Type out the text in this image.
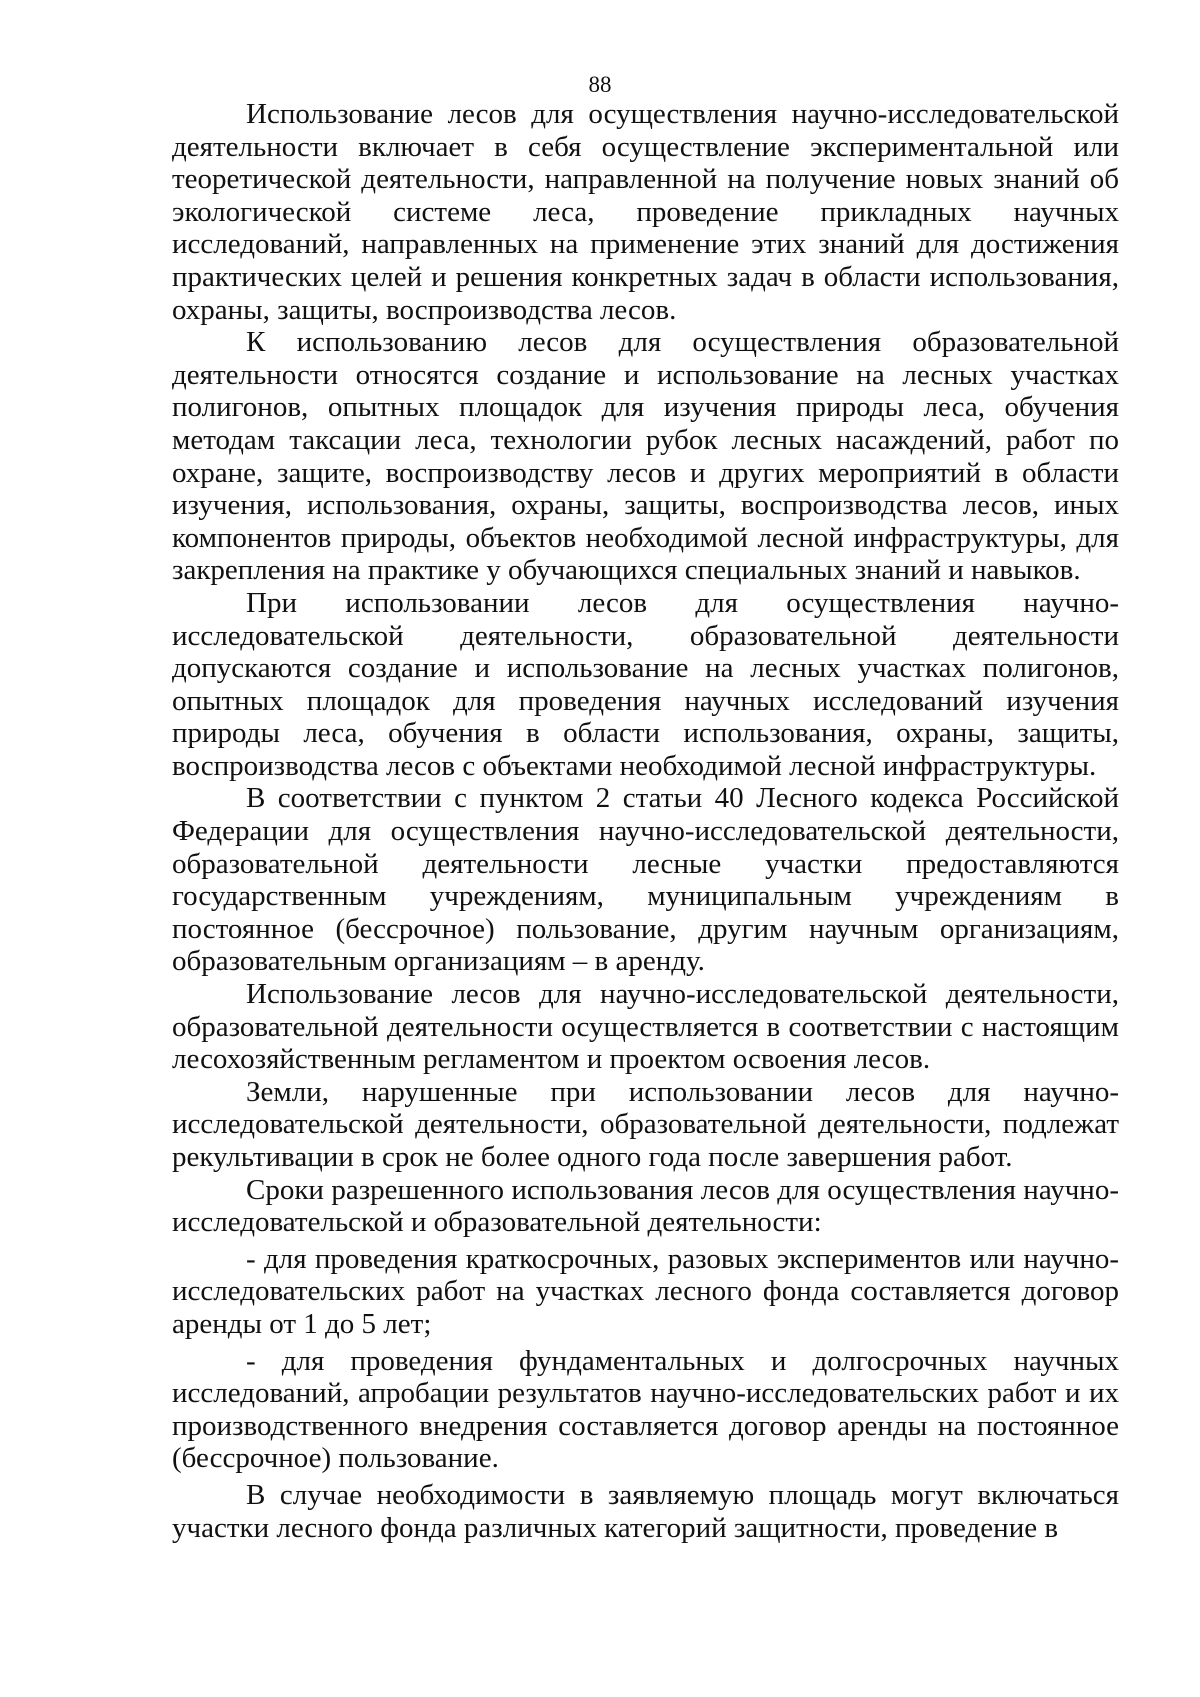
88

Использование лесов для осуществления научно-исследовательской деятельности включает в себя осуществление экспериментальной или теоретической деятельности, направленной на получение новых знаний об экологической системе леса, проведение прикладных научных исследований, направленных на применение этих знаний для достижения практических целей и решения конкретных задач в области использования, охраны, защиты, воспроизводства лесов.

К использованию лесов для осуществления образовательной деятельности относятся создание и использование на лесных участках полигонов, опытных площадок для изучения природы леса, обучения методам таксации леса, технологии рубок лесных насаждений, работ по охране, защите, воспроизводству лесов и других мероприятий в области изучения, использования, охраны, защиты, воспроизводства лесов, иных компонентов природы, объектов необходимой лесной инфраструктуры, для закрепления на практике у обучающихся специальных знаний и навыков.

При использовании лесов для осуществления научно-исследовательской деятельности, образовательной деятельности допускаются создание и использование на лесных участках полигонов, опытных площадок для проведения научных исследований изучения природы леса, обучения в области использования, охраны, защиты, воспроизводства лесов с объектами необходимой лесной инфраструктуры.

В соответствии с пунктом 2 статьи 40 Лесного кодекса Российской Федерации для осуществления научно-исследовательской деятельности, образовательной деятельности лесные участки предоставляются государственным учреждениям, муниципальным учреждениям в постоянное (бессрочное) пользование, другим научным организациям, образовательным организациям – в аренду.

Использование лесов для научно-исследовательской деятельности, образовательной деятельности осуществляется в соответствии с настоящим лесохозяйственным регламентом и проектом освоения лесов.

Земли, нарушенные при использовании лесов для научно-исследовательской деятельности, образовательной деятельности, подлежат рекультивации в срок не более одного года после завершения работ.

Сроки разрешенного использования лесов для осуществления научно-исследовательской и образовательной деятельности:

- для проведения краткосрочных, разовых экспериментов или научно-исследовательских работ на участках лесного фонда составляется договор аренды от 1 до 5 лет;

- для проведения фундаментальных и долгосрочных научных исследований, апробации результатов научно-исследовательских работ и их производственного внедрения составляется договор аренды на постоянное (бессрочное) пользование.

В случае необходимости в заявляемую площадь могут включаться участки лесного фонда различных категорий защитности, проведение в
